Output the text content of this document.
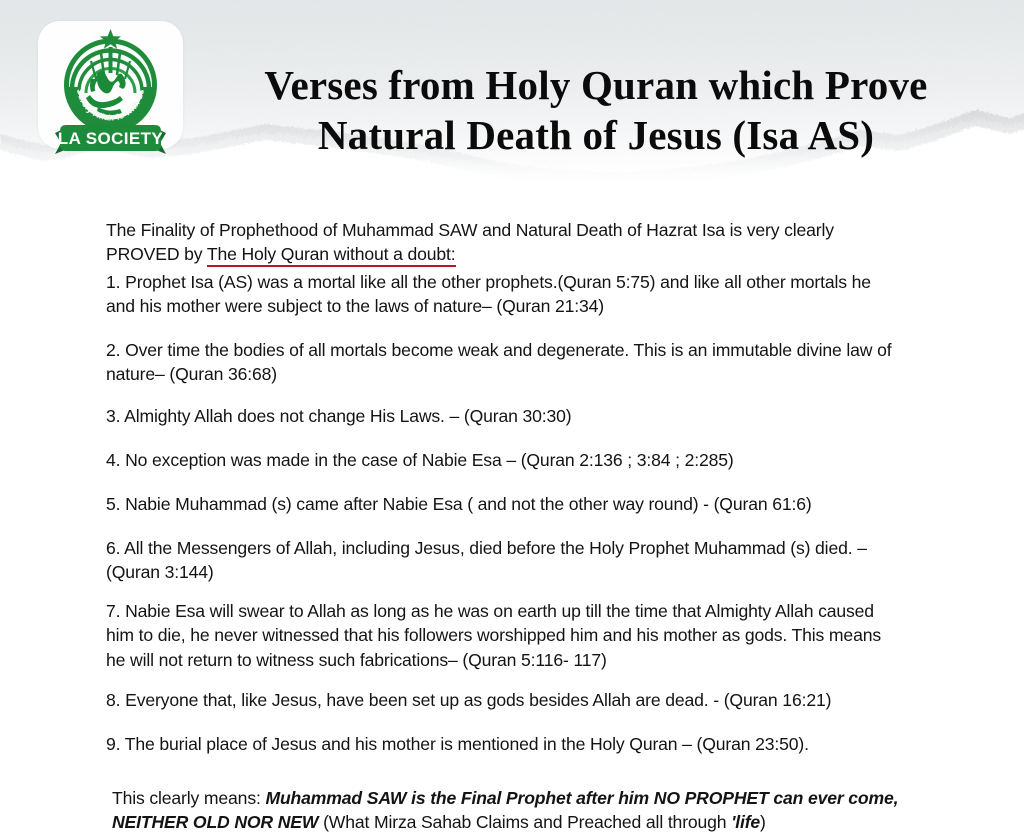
Surely Allah is with us
LA SOCIETY
Verses from Holy Quran which Prove
Natural Death of Jesus (Isa AS)

The Finality of Prophethood of Muhammad SAW and Natural Death of Hazrat Isa is very clearly PROVED by The Holy Quran without a doubt:

1. Prophet Isa (AS) was a mortal like all the other prophets.(Quran 5:75) and like all other mortals he and his mother were subject to the laws of nature– (Quran 21:34)

2. Over time the bodies of all mortals become weak and degenerate. This is an immutable divine law of nature– (Quran 36:68)

3. Almighty Allah does not change His Laws. – (Quran 30:30)

4. No exception was made in the case of Nabie Esa – (Quran 2:136 ; 3:84 ; 2:285)

5. Nabie Muhammad (s) came after Nabie Esa ( and not the other way round) - (Quran 61:6)

6. All the Messengers of Allah, including Jesus, died before the Holy Prophet Muhammad (s) died. – (Quran 3:144)

7. Nabie Esa will swear to Allah as long as he was on earth up till the time that Almighty Allah caused him to die, he never witnessed that his followers worshipped him and his mother as gods. This means he will not return to witness such fabrications– (Quran 5:116- 117)

8. Everyone that, like Jesus, have been set up as gods besides Allah are dead. - (Quran 16:21)

9. The burial place of Jesus and his mother is mentioned in the Holy Quran – (Quran 23:50).

This clearly means: Muhammad SAW is the Final Prophet after him NO PROPHET can ever come, NEITHER OLD NOR NEW (What Mirza Sahab Claims and Preached all through 'life)
